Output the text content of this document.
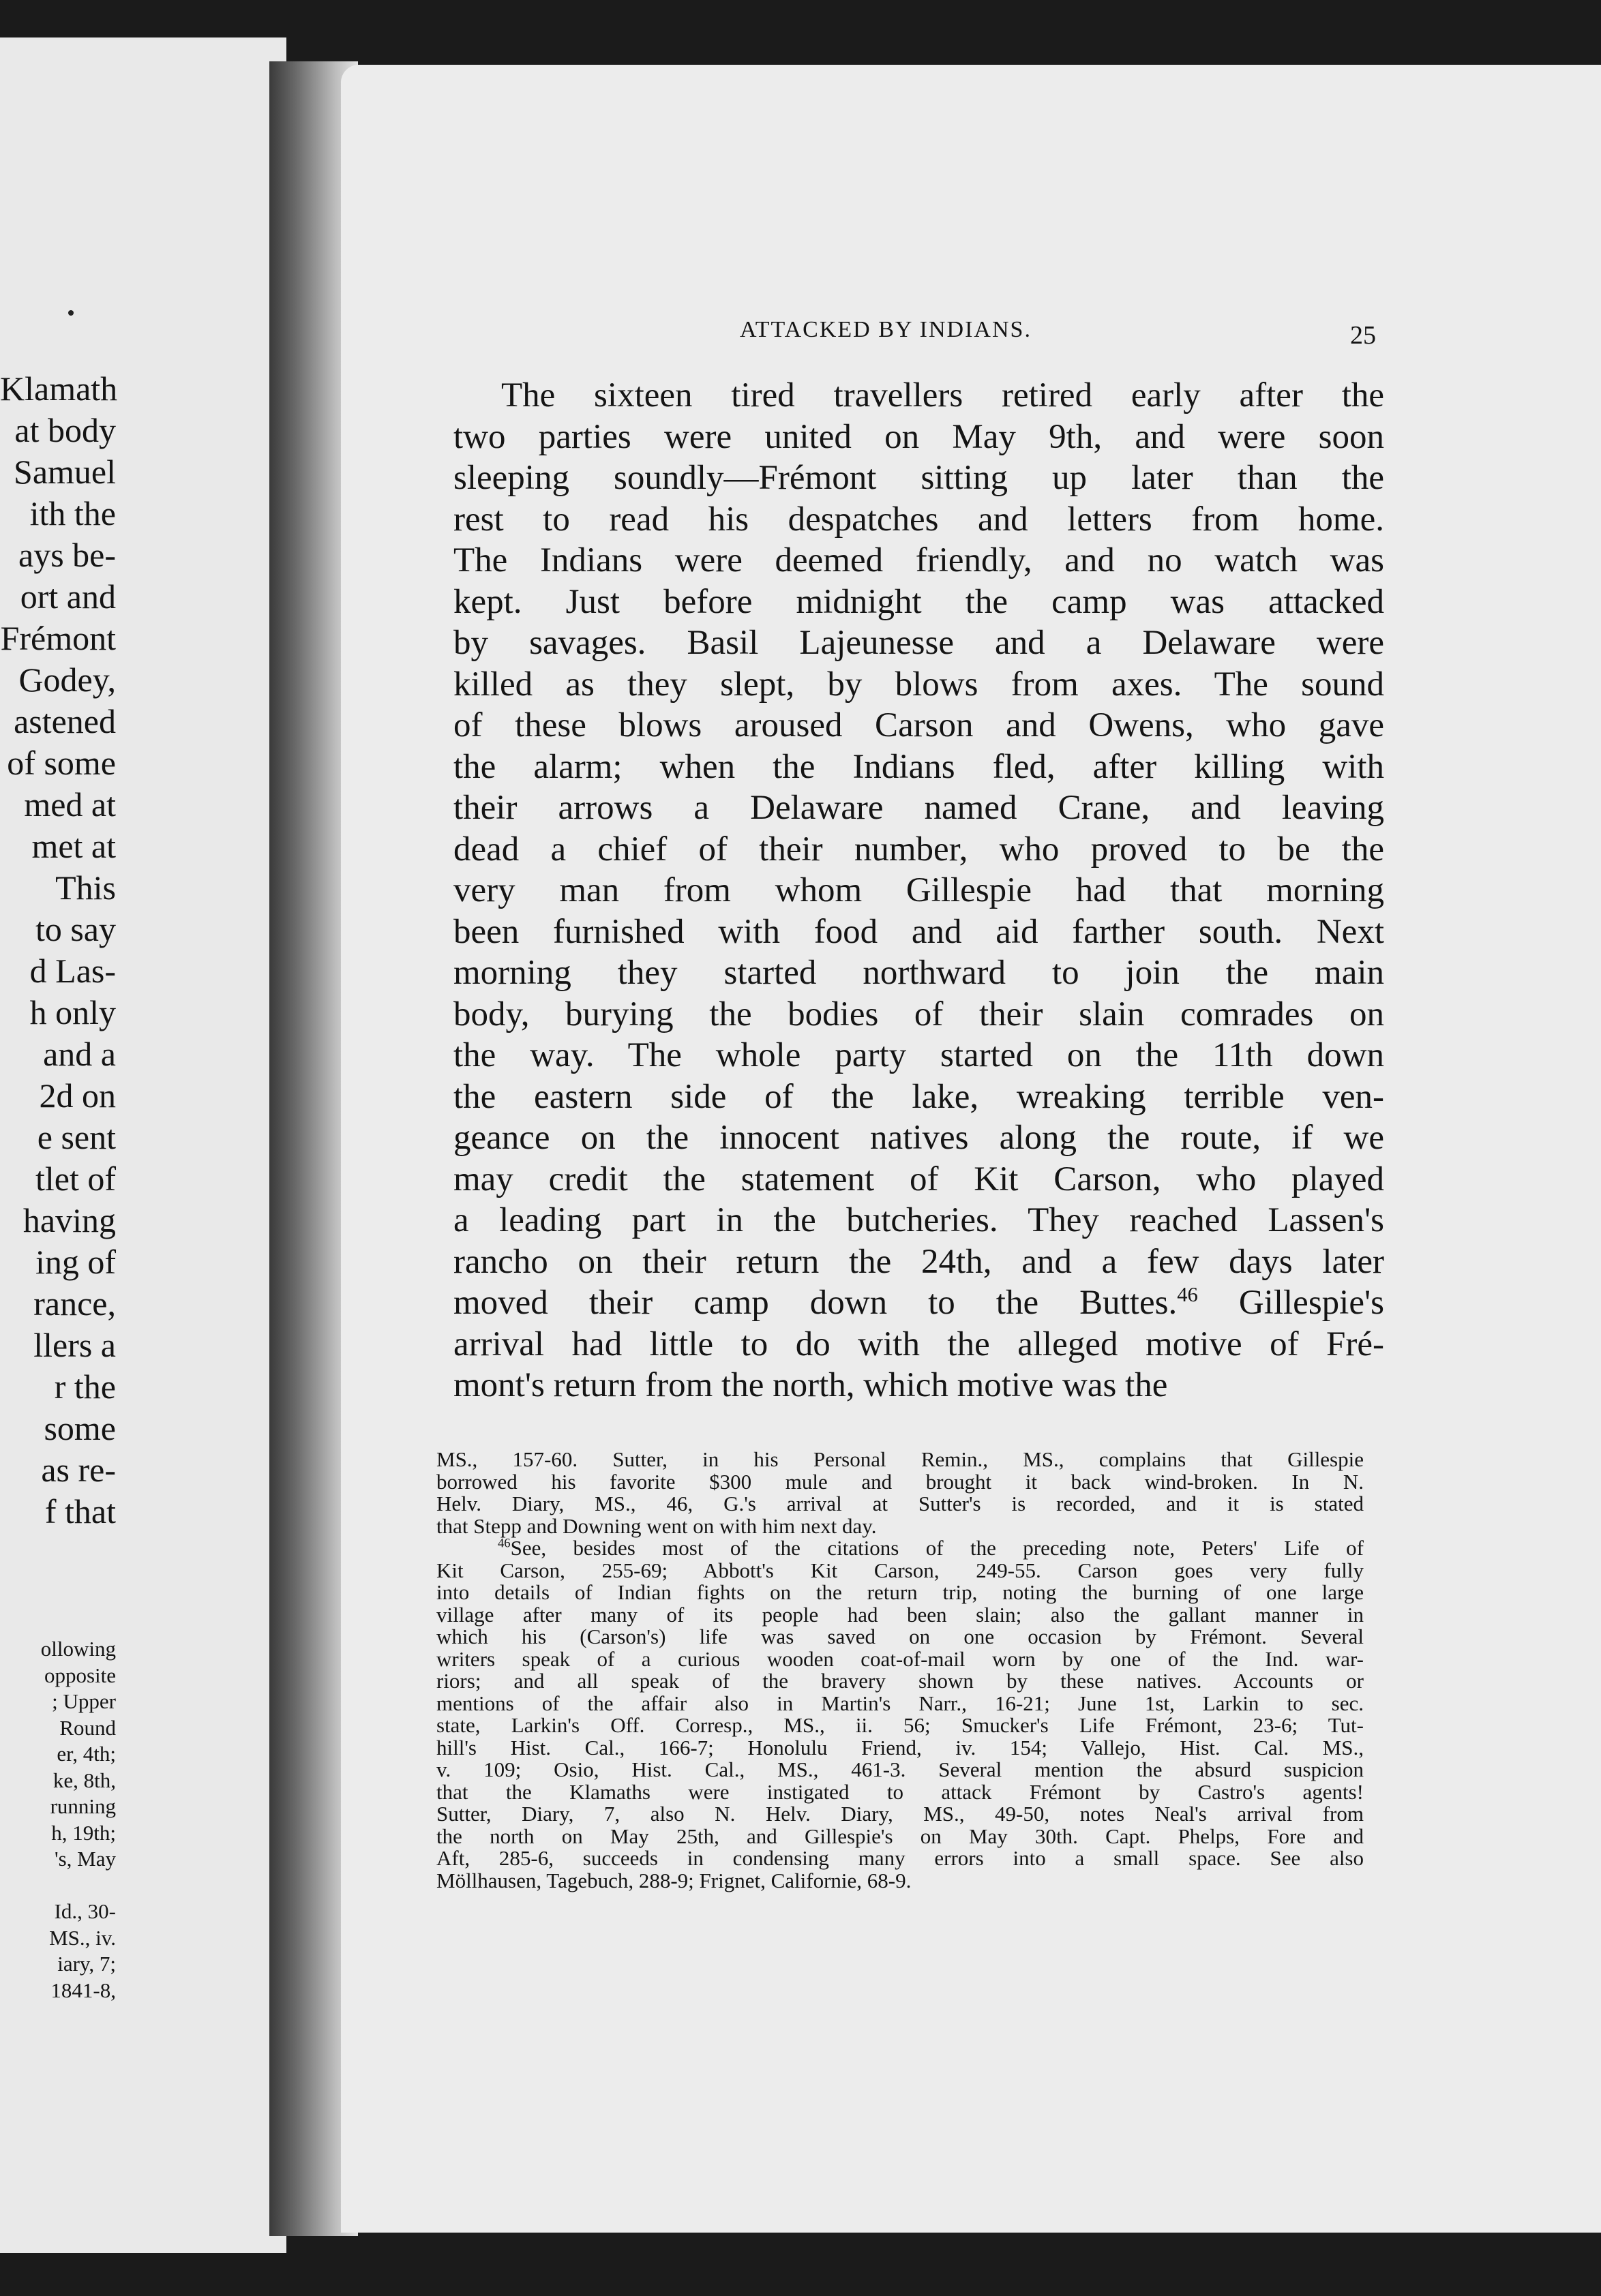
Klamath
at body
Samuel
ith the
ays be-
ort and
Frémont
Godey,
astened
of some
med at
met at
This
to say
d Las-
h only
and a
2d on
e sent
tlet of
having
ing of
rance,
llers a
r the
some
as re-
f that
ollowing
opposite
; Upper
Round
er, 4th;
ke, 8th,
running
h, 19th;
's, May
Id., 30-
MS., iv.
iary, 7;
1841-8,
ATTACKED BY INDIANS.	25
The sixteen tired travellers retired early after the
two parties were united on May 9th, and were soon
sleeping soundly—Frémont sitting up later than the
rest to read his despatches and letters from home.
The Indians were deemed friendly, and no watch was
kept. Just before midnight the camp was attacked
by savages. Basil Lajeunesse and a Delaware were
killed as they slept, by blows from axes. The sound
of these blows aroused Carson and Owens, who gave
the alarm; when the Indians fled, after killing with
their arrows a Delaware named Crane, and leaving
dead a chief of their number, who proved to be the
very man from whom Gillespie had that morning
been furnished with food and aid farther south. Next
morning they started northward to join the main
body, burying the bodies of their slain comrades on
the way. The whole party started on the 11th down
the eastern side of the lake, wreaking terrible ven-
geance on the innocent natives along the route, if we
may credit the statement of Kit Carson, who played
a leading part in the butcheries. They reached Lassen's
rancho on their return the 24th, and a few days later
moved their camp down to the Buttes.$^{46}$ Gillespie's
arrival had little to do with the alleged motive of Fré-
mont's return from the north, which motive was the
MS., 157-60. Sutter, in his Personal Remin., MS., complains that Gillespie
borrowed his favorite $300 mule and brought it back wind-broken. In N.
Helv. Diary, MS., 46, G.'s arrival at Sutter's is recorded, and it is stated
that Stepp and Downing went on with him next day.
$^{46}$See, besides most of the citations of the preceding note, Peters' Life of
Kit Carson, 255-69; Abbott's Kit Carson, 249-55. Carson goes very fully
into details of Indian fights on the return trip, noting the burning of one large
village after many of its people had been slain; also the gallant manner in
which his (Carson's) life was saved on one occasion by Frémont. Several
writers speak of a curious wooden coat-of-mail worn by one of the Ind. war-
riors; and all speak of the bravery shown by these natives. Accounts or
mentions of the affair also in Martin's Narr., 16-21; June 1st, Larkin to sec.
state, Larkin's Off. Corresp., MS., ii. 56; Smucker's Life Frémont, 23-6; Tut-
hill's Hist. Cal., 166-7; Honolulu Friend, iv. 154; Vallejo, Hist. Cal. MS.,
v. 109; Osio, Hist. Cal., MS., 461-3. Several mention the absurd suspicion
that the Klamaths were instigated to attack Frémont by Castro's agents!
Sutter, Diary, 7, also N. Helv. Diary, MS., 49-50, notes Neal's arrival from
the north on May 25th, and Gillespie's on May 30th. Capt. Phelps, Fore and
Aft, 285-6, succeeds in condensing many errors into a small space. See also
Möllhausen, Tagebuch, 288-9; Frignet, Californie, 68-9.
